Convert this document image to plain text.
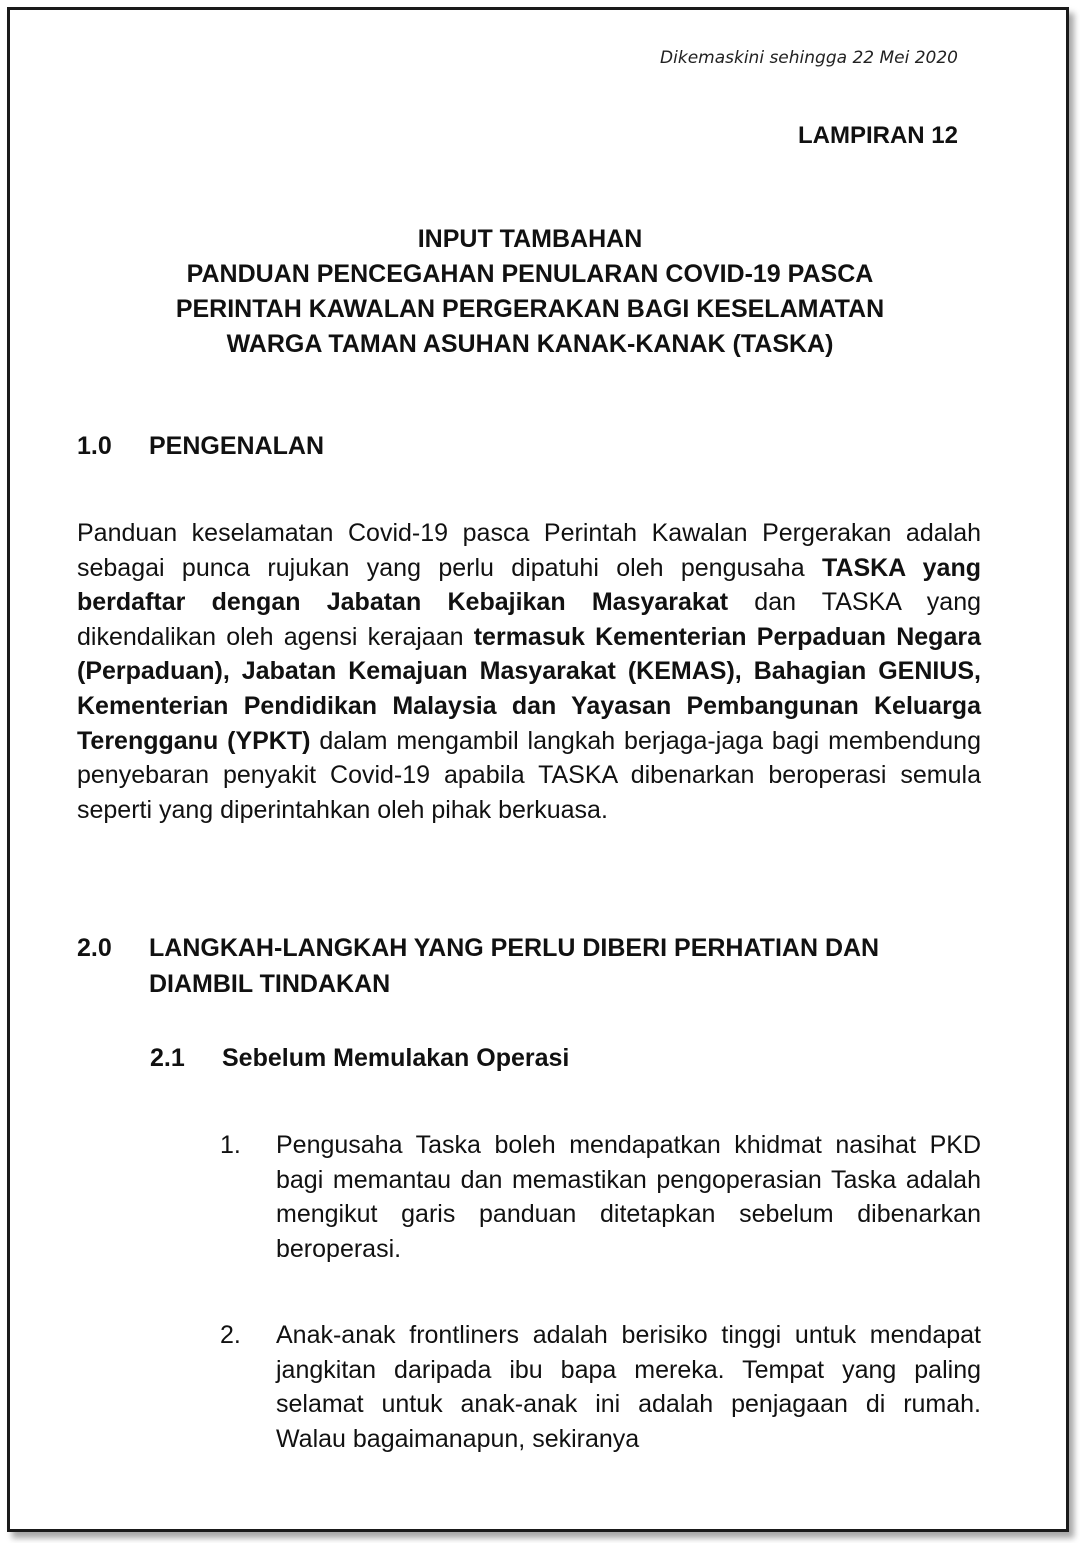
Dikemaskini sehingga 22 Mei 2020
LAMPIRAN 12
INPUT TAMBAHAN
PANDUAN PENCEGAHAN PENULARAN COVID-19 PASCA
PERINTAH KAWALAN PERGERAKAN BAGI KESELAMATAN
WARGA TAMAN ASUHAN KANAK-KANAK (TASKA)
1.0 PENGENALAN
Panduan keselamatan Covid-19 pasca Perintah Kawalan Pergerakan adalah sebagai punca rujukan yang perlu dipatuhi oleh pengusaha TASKA yang berdaftar dengan Jabatan Kebajikan Masyarakat dan TASKA yang dikendalikan oleh agensi kerajaan termasuk Kementerian Perpaduan Negara (Perpaduan), Jabatan Kemajuan Masyarakat (KEMAS), Bahagian GENIUS, Kementerian Pendidikan Malaysia dan Yayasan Pembangunan Keluarga Terengganu (YPKT) dalam mengambil langkah berjaga-jaga bagi membendung penyebaran penyakit Covid-19 apabila TASKA dibenarkan beroperasi semula seperti yang diperintahkan oleh pihak berkuasa.
2.0 LANGKAH-LANGKAH YANG PERLU DIBERI PERHATIAN DAN DIAMBIL TINDAKAN
2.1 Sebelum Memulakan Operasi
1. Pengusaha Taska boleh mendapatkan khidmat nasihat PKD bagi memantau dan memastikan pengoperasian Taska adalah mengikut garis panduan ditetapkan sebelum dibenarkan beroperasi.
2. Anak-anak frontliners adalah berisiko tinggi untuk mendapat jangkitan daripada ibu bapa mereka. Tempat yang paling selamat untuk anak-anak ini adalah penjagaan di rumah. Walau bagaimanapun, sekiranya
